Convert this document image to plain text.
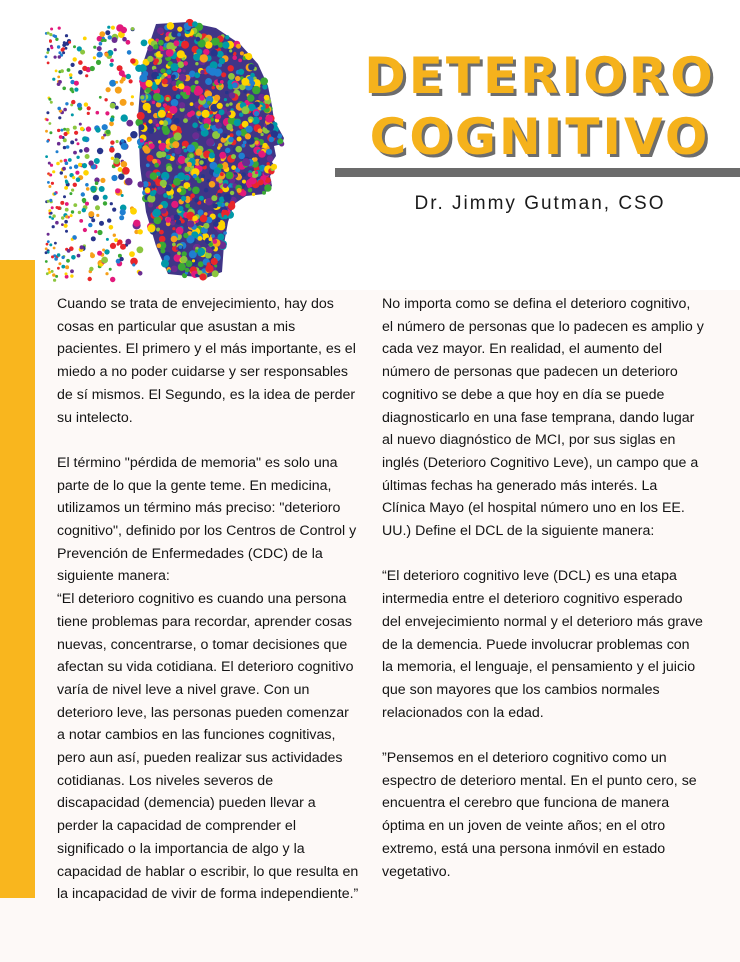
DETERIORO
COGNITIVO

Dr. Jimmy Gutman, CSO

Cuando se trata de envejecimiento, hay dos cosas en particular que asustan a mis pacientes. El primero y el más importante, es el miedo a no poder cuidarse y ser responsables de sí mismos. El Segundo, es la idea de perder su intelecto.

El término "pérdida de memoria" es solo una parte de lo que la gente teme. En medicina, utilizamos un término más preciso: "deterioro cognitivo", definido por los Centros de Control y Prevención de Enfermedades (CDC) de la siguiente manera:

“El deterioro cognitivo es cuando una persona tiene problemas para recordar, aprender cosas nuevas, concentrarse, o tomar decisiones que afectan su vida cotidiana. El deterioro cognitivo varía de nivel leve a nivel grave. Con un deterioro leve, las personas pueden comenzar a notar cambios en las funciones cognitivas, pero aun así, pueden realizar sus actividades cotidianas. Los niveles severos de discapacidad (demencia) pueden llevar a perder la capacidad de comprender el significado o la importancia de algo y la capacidad de hablar o escribir, lo que resulta en la incapacidad de vivir de forma independiente.”

No importa como se defina el deterioro cognitivo, el número de personas que lo padecen es amplio y cada vez mayor. En realidad, el aumento del número de personas que padecen un deterioro cognitivo se debe a que hoy en día se puede diagnosticarlo en una fase temprana, dando lugar al nuevo diagnóstico de MCI, por sus siglas en inglés (Deterioro Cognitivo Leve), un campo que a últimas fechas ha generado más interés. La Clínica Mayo (el hospital número uno en los EE. UU.) Define el DCL de la siguiente manera:

“El deterioro cognitivo leve (DCL) es una etapa intermedia entre el deterioro cognitivo esperado del envejecimiento normal y el deterioro más grave de la demencia. Puede involucrar problemas con la memoria, el lenguaje, el pensamiento y el juicio que son mayores que los cambios normales relacionados con la edad.

”Pensemos en el deterioro cognitivo como un espectro de deterioro mental. En el punto cero, se encuentra el cerebro que funciona de manera óptima en un joven de veinte años; en el otro extremo, está una persona inmóvil en estado vegetativo.
